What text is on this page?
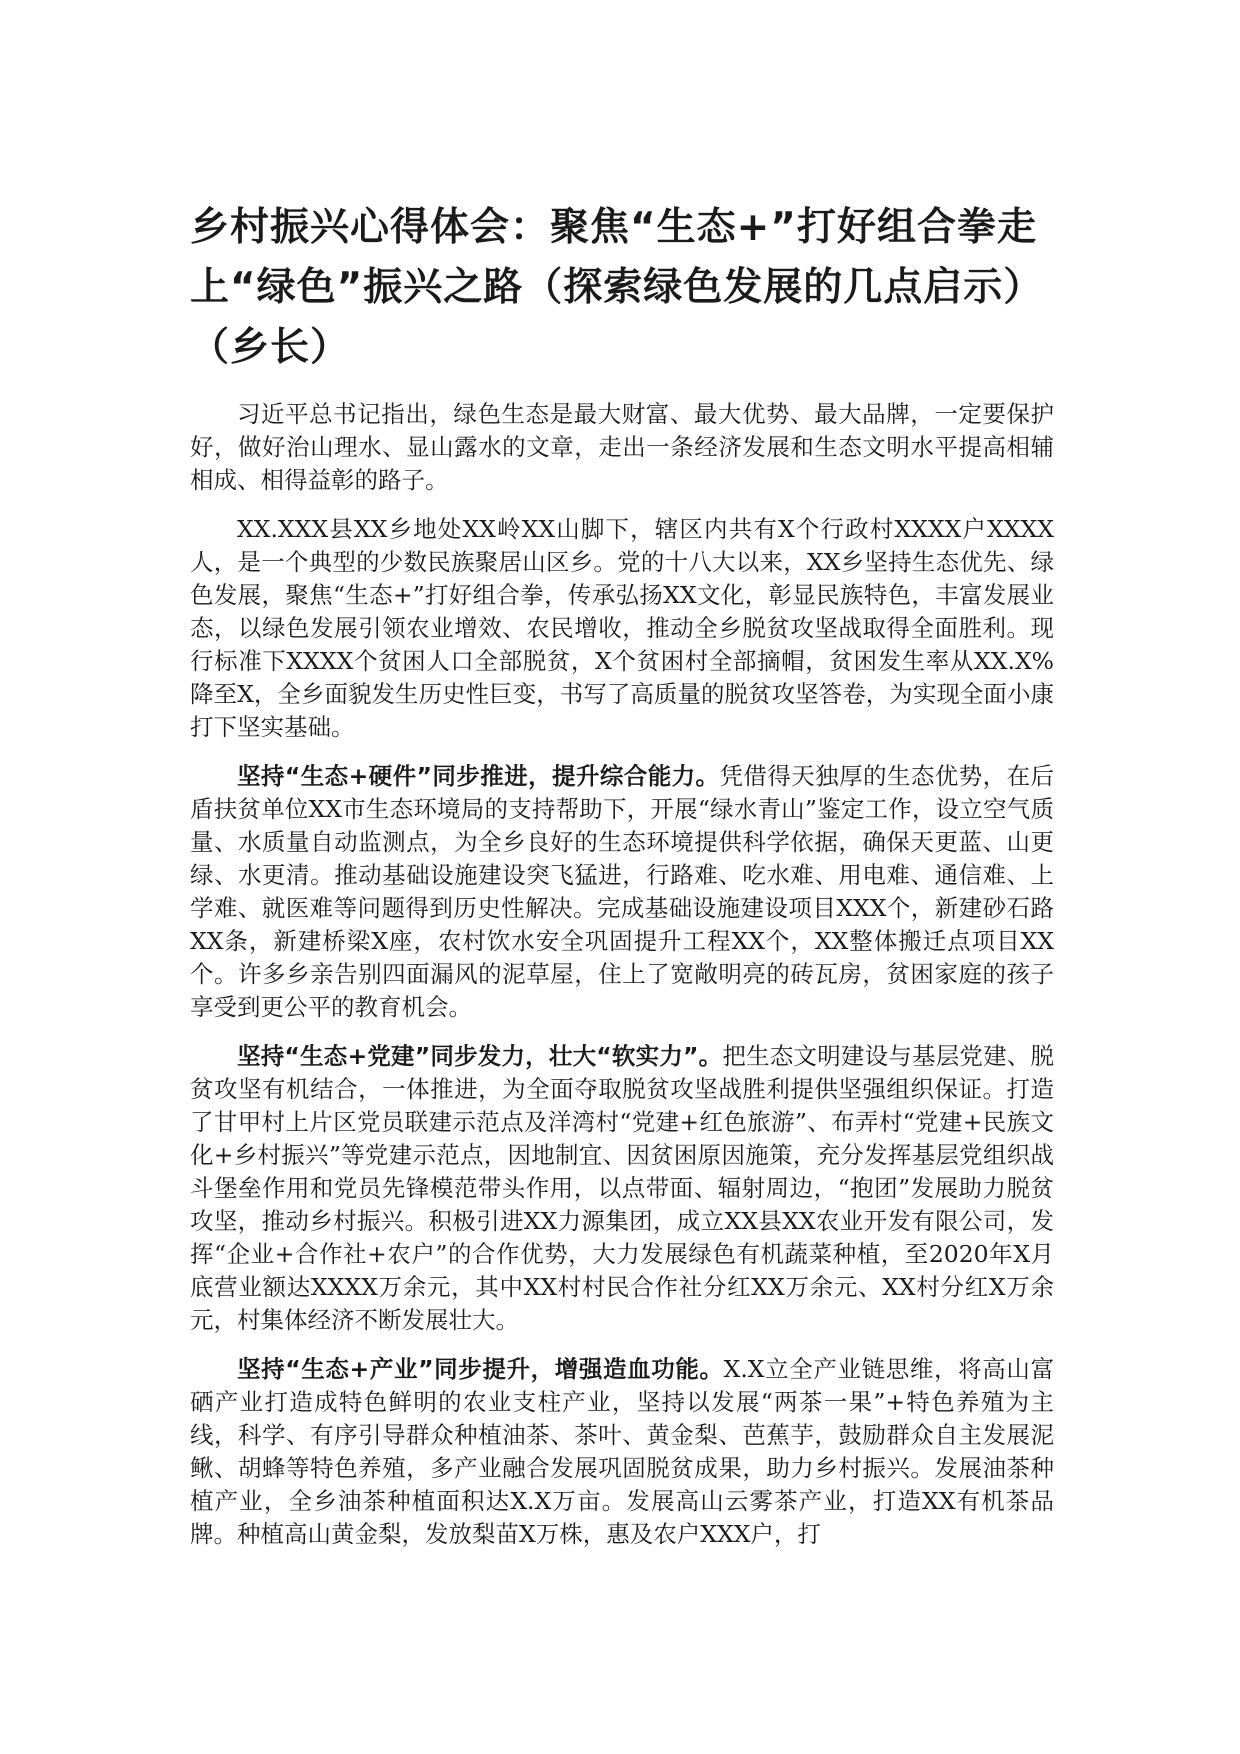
乡村振兴心得体会：聚焦“生态+”打好组合拳走上“绿色”振兴之路（探索绿色发展的几点启示）（乡长）

习近平总书记指出，绿色生态是最大财富、最大优势、最大品牌，一定要保护好，做好治山理水、显山露水的文章，走出一条经济发展和生态文明水平提高相辅相成、相得益彰的路子。

XX.XXX县XX乡地处XX岭XX山脚下，辖区内共有X个行政村XXXX户XXXX人，是一个典型的少数民族聚居山区乡。党的十八大以来，XX乡坚持生态优先、绿色发展，聚焦“生态+”打好组合拳，传承弘扬XX文化，彰显民族特色，丰富发展业态，以绿色发展引领农业增效、农民增收，推动全乡脱贫攻坚战取得全面胜利。现行标准下XXXX个贫困人口全部脱贫，X个贫困村全部摘帽，贫困发生率从XX.X%降至X，全乡面貌发生历史性巨变，书写了高质量的脱贫攻坚答卷，为实现全面小康打下坚实基础。

坚持“生态+硬件”同步推进，提升综合能力。凭借得天独厚的生态优势，在后盾扶贫单位XX市生态环境局的支持帮助下，开展“绿水青山”鉴定工作，设立空气质量、水质量自动监测点，为全乡良好的生态环境提供科学依据，确保天更蓝、山更绿、水更清。推动基础设施建设突飞猛进，行路难、吃水难、用电难、通信难、上学难、就医难等问题得到历史性解决。完成基础设施建设项目XXX个，新建砂石路XX条，新建桥梁X座，农村饮水安全巩固提升工程XX个，XX整体搬迁点项目XX个。许多乡亲告别四面漏风的泥草屋，住上了宽敞明亮的砖瓦房，贫困家庭的孩子享受到更公平的教育机会。

坚持“生态+党建”同步发力，壮大“软实力”。把生态文明建设与基层党建、脱贫攻坚有机结合，一体推进，为全面夺取脱贫攻坚战胜利提供坚强组织保证。打造了甘甲村上片区党员联建示范点及洋湾村“党建+红色旅游”、布弄村“党建+民族文化+乡村振兴”等党建示范点，因地制宜、因贫困原因施策，充分发挥基层党组织战斗堡垒作用和党员先锋模范带头作用，以点带面、辐射周边，“抱团”发展助力脱贫攻坚，推动乡村振兴。积极引进XX力源集团，成立XX县XX农业开发有限公司，发挥“企业+合作社+农户”的合作优势，大力发展绿色有机蔬菜种植，至2020年X月底营业额达XXXX万余元，其中XX村村民合作社分红XX万余元、XX村分红X万余元，村集体经济不断发展壮大。

坚持“生态+产业”同步提升，增强造血功能。X.X立全产业链思维，将高山富硒产业打造成特色鲜明的农业支柱产业，坚持以发展“两茶一果”+特色养殖为主线，科学、有序引导群众种植油茶、茶叶、黄金梨、芭蕉芋，鼓励群众自主发展泥鳅、胡蜂等特色养殖，多产业融合发展巩固脱贫成果，助力乡村振兴。发展油茶种植产业，全乡油茶种植面积达X.X万亩。发展高山云雾茶产业，打造XX有机茶品牌。种植高山黄金梨，发放梨苗X万株，惠及农户XXX户，打
